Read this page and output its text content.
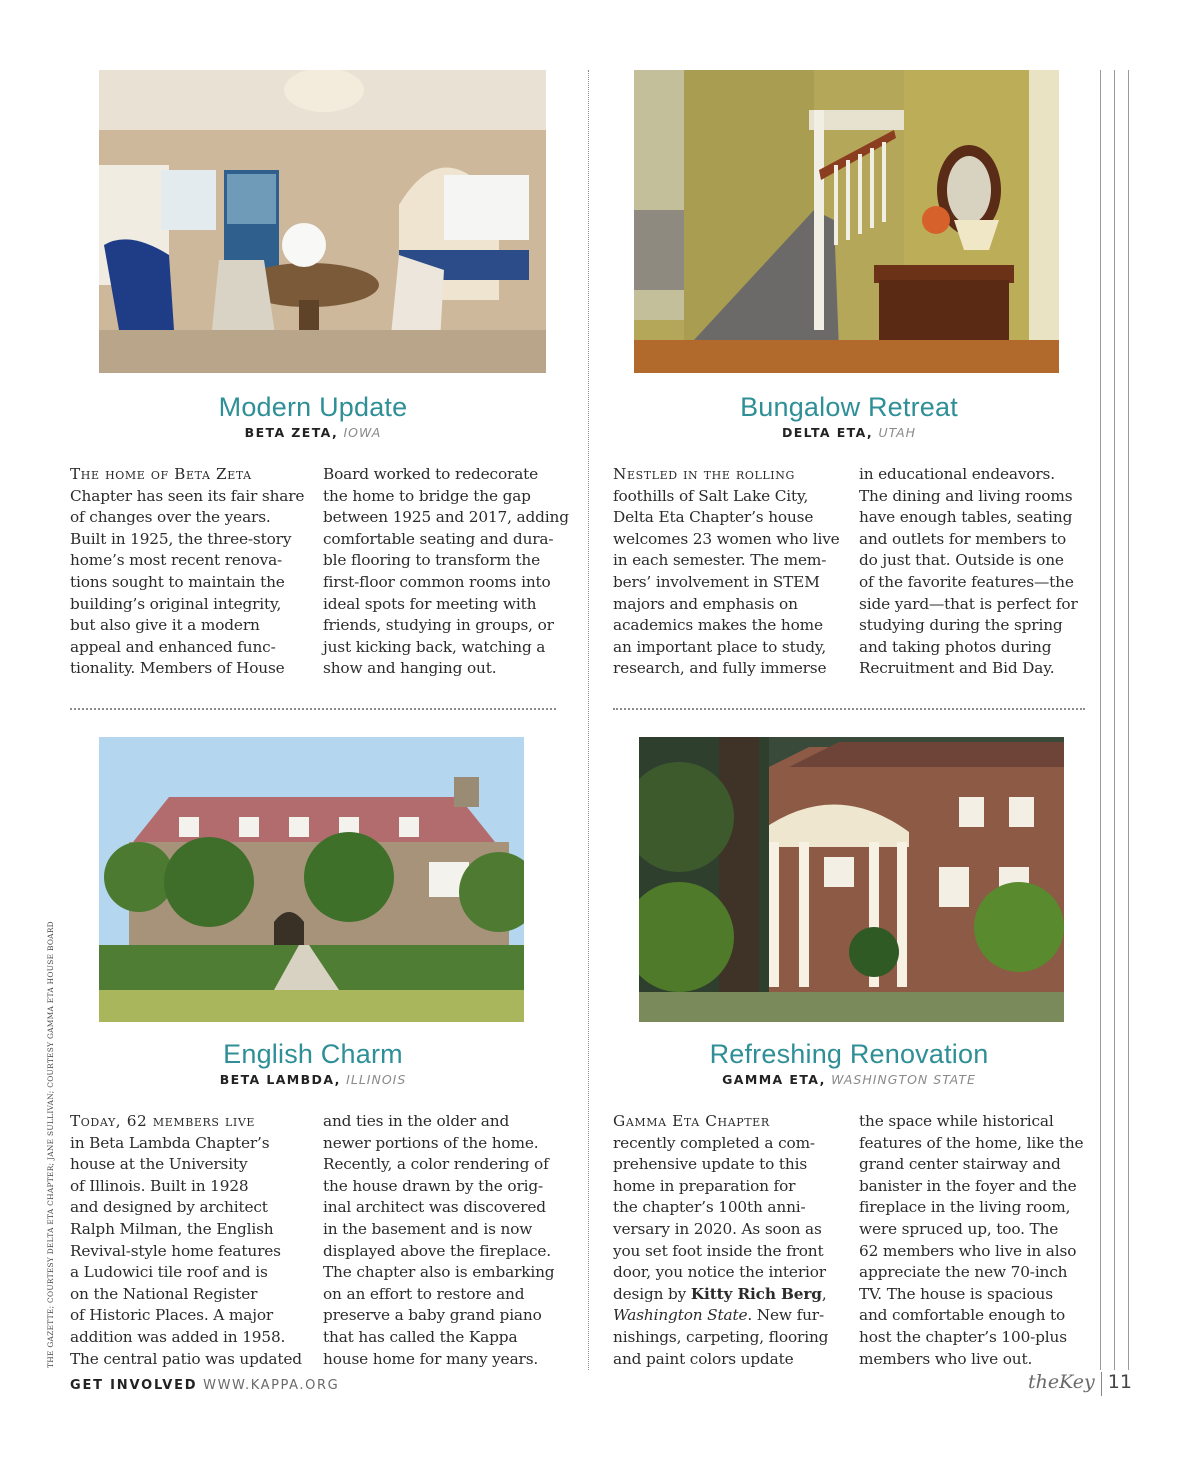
Modern Update
BETA ZETA, IOWA
The home of Beta Zeta
Chapter has seen its fair share
of changes over the years.
Built in 1925, the three-story
home’s most recent renova-
tions sought to maintain the
building’s original integrity,
but also give it a modern
appeal and enhanced func-
tionality. Members of House
Board worked to redecorate
the home to bridge the gap
between 1925 and 2017, adding
comfortable seating and dura-
ble flooring to transform the
first-floor common rooms into
ideal spots for meeting with
friends, studying in groups, or
just kicking back, watching a
show and hanging out.
Bungalow Retreat
DELTA ETA, UTAH
Nestled in the rolling
foothills of Salt Lake City,
Delta Eta Chapter’s house
welcomes 23 women who live
in each semester. The mem-
bers’ involvement in STEM
majors and emphasis on
academics makes the home
an important place to study,
research, and fully immerse
in educational endeavors.
The dining and living rooms
have enough tables, seating
and outlets for members to
do just that. Outside is one
of the favorite features—the
side yard—that is perfect for
studying during the spring
and taking photos during
Recruitment and Bid Day.
English Charm
BETA LAMBDA, ILLINOIS
Today, 62 members live
in Beta Lambda Chapter’s
house at the University
of Illinois. Built in 1928
and designed by architect
Ralph Milman, the English
Revival-style home features
a Ludowici tile roof and is
on the National Register
of Historic Places. A major
addition was added in 1958.
The central patio was updated
and ties in the older and
newer portions of the home.
Recently, a color rendering of
the house drawn by the orig-
inal architect was discovered
in the basement and is now
displayed above the fireplace.
The chapter also is embarking
on an effort to restore and
preserve a baby grand piano
that has called the Kappa
house home for many years.
Refreshing Renovation
GAMMA ETA, WASHINGTON STATE
Gamma Eta Chapter
recently completed a com-
prehensive update to this
home in preparation for
the chapter’s 100th anni-
versary in 2020. As soon as
you set foot inside the front
door, you notice the interior
design by Kitty Rich Berg,
Washington State. New fur-
nishings, carpeting, flooring
and paint colors update
the space while historical
features of the home, like the
grand center stairway and
banister in the foyer and the
fireplace in the living room,
were spruced up, too. The
62 members who live in also
appreciate the new 70-inch
TV. The house is spacious
and comfortable enough to
host the chapter’s 100-plus
members who live out.
THE GAZETTE; COURTESY DELTA ETA CHAPTER; JANE SULLIVAN; COURTESY GAMMA ETA HOUSE BOARD
GET INVOLVED WWW.KAPPA.ORG	theKey 11
